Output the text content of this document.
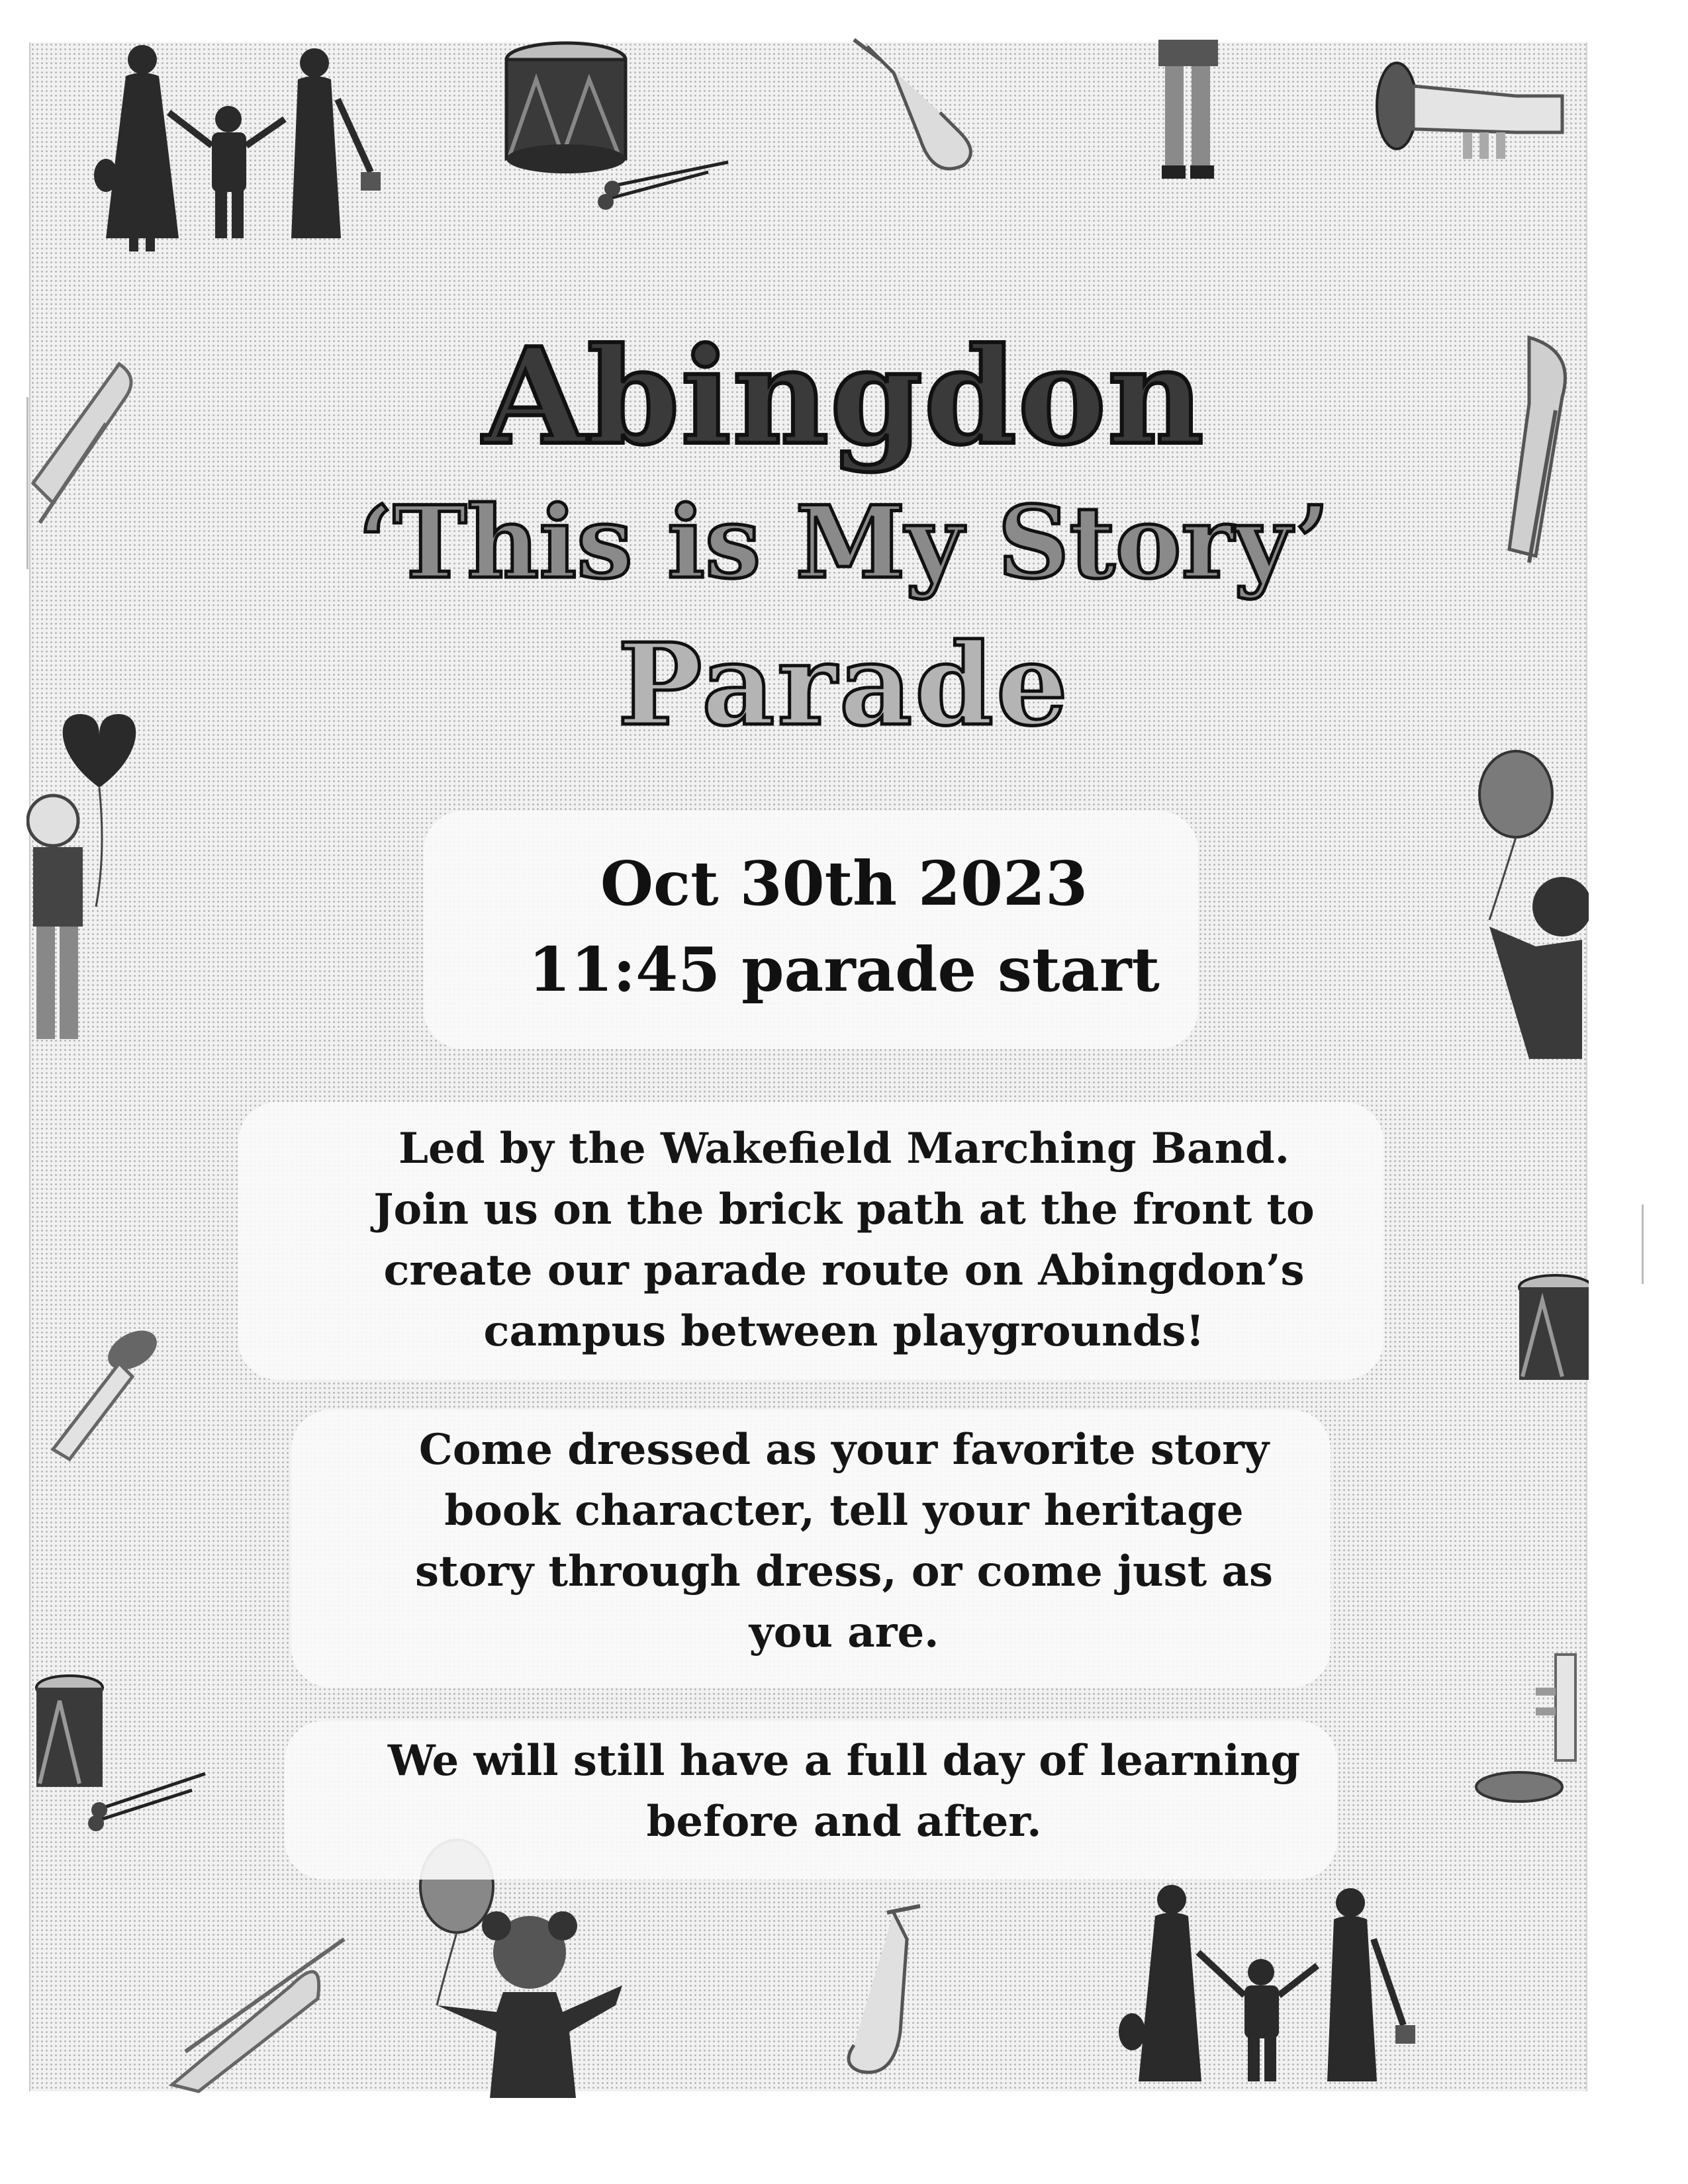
Abingdon
‘This is My Story’
Parade
Oct 30th 2023
11:45 parade start
Led by the Wakefield Marching Band.
Join us on the brick path at the front to
create our parade route on Abingdon’s
campus between playgrounds!
Come dressed as your favorite story
book character, tell your heritage
story through dress, or come just as
you are.
We will still have a full day of learning
before and after.
